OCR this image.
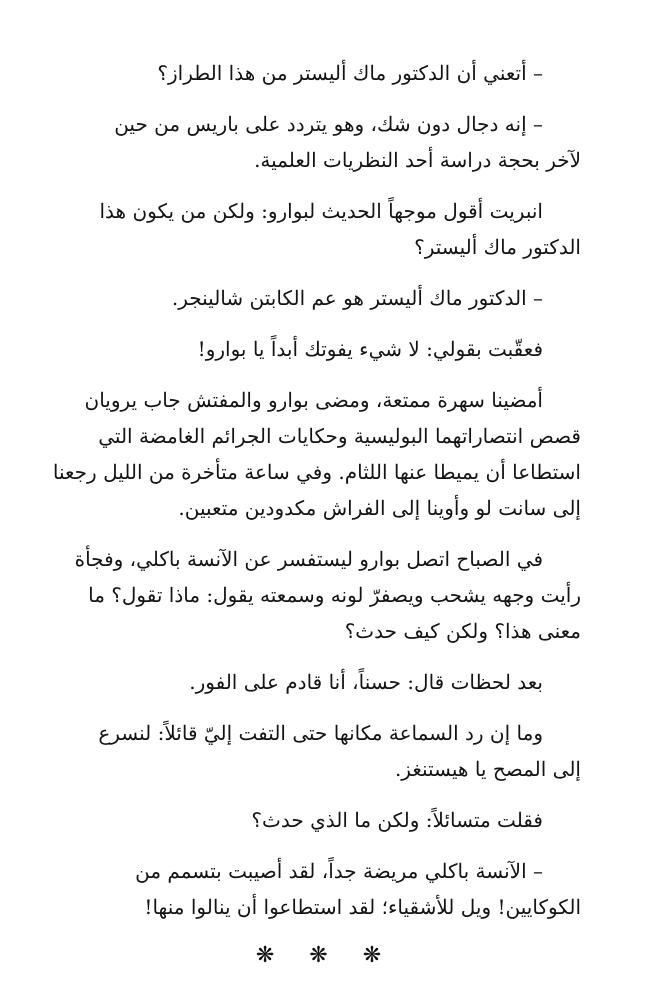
– أتعني أن الدكتور ماك أليستر من هذا الطراز؟
– إنه دجال دون شك، وهو يتردد على باريس من حين
لآخر بحجة دراسة أحد النظريات العلمية.
انبريت أقول موجهاً الحديث لبوارو: ولكن من يكون هذا
الدكتور ماك أليستر؟
– الدكتور ماك أليستر هو عم الكابتن شالينجر.
فعقّبت بقولي: لا شيء يفوتك أبداً يا بوارو!
أمضينا سهرة ممتعة، ومضى بوارو والمفتش جاب يرويان
قصص انتصاراتهما البوليسية وحكايات الجرائم الغامضة التي
استطاعا أن يميطا عنها اللثام. وفي ساعة متأخرة من الليل رجعنا
إلى سانت لو وأوينا إلى الفراش مكدودين متعبين.
في الصباح اتصل بوارو ليستفسر عن الآنسة باكلي، وفجأة
رأيت وجهه يشحب ويصفرّ لونه وسمعته يقول: ماذا تقول؟ ما
معنى هذا؟ ولكن كيف حدث؟
بعد لحظات قال: حسناً، أنا قادم على الفور.
وما إن رد السماعة مكانها حتى التفت إليّ قائلاً: لنسرع
إلى المصح يا هيستنغز.
فقلت متسائلاً: ولكن ما الذي حدث؟
– الآنسة باكلي مريضة جداً، لقد أصيبت بتسمم من
الكوكايين! ويل للأشقياء؛ لقد استطاعوا أن ينالوا منها!
❋ ❋ ❋
